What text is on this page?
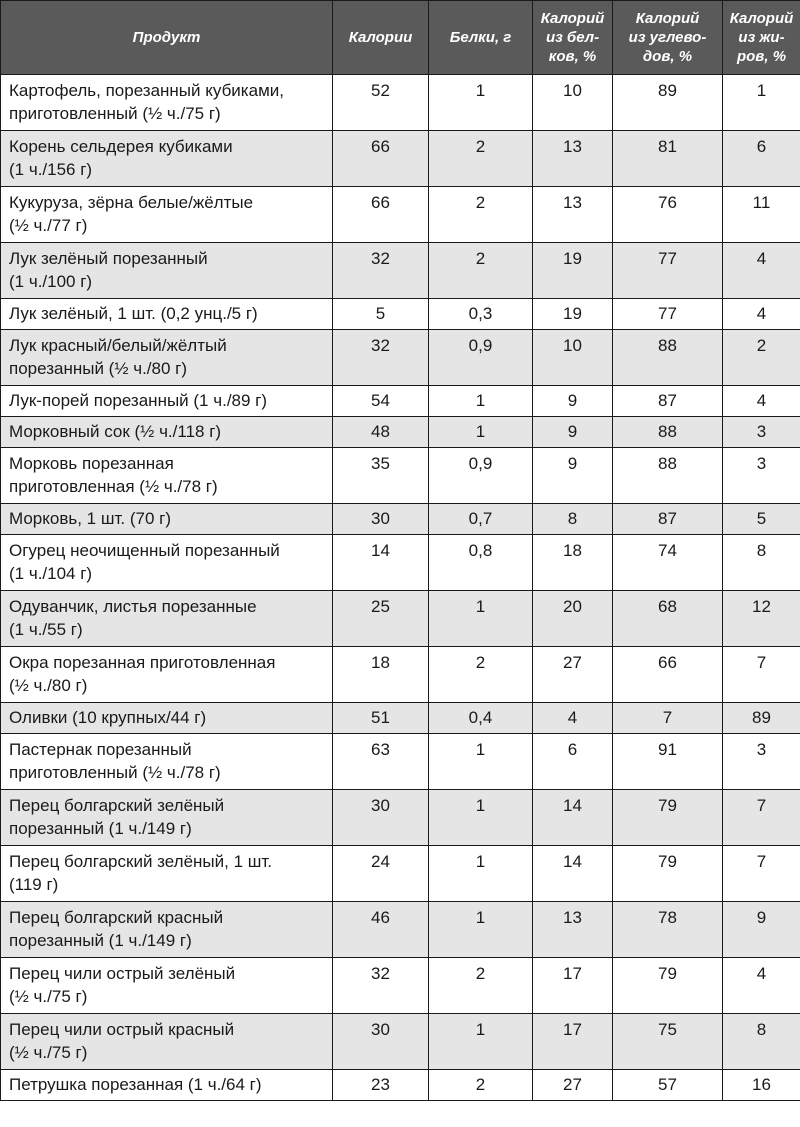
Продукт	Калории	Белки, г	Калорий
из бел-
ков, %	Калорий
из углево-
дов, %	Калорий
из жи-
ров, %
Картофель, порезанный кубиками,
приготовленный (½ ч./75 г)	52	1	10	89	1
Корень сельдерея кубиками
(1 ч./156 г)	66	2	13	81	6
Кукуруза, зёрна белые/жёлтые
(½ ч./77 г)	66	2	13	76	11
Лук зелёный порезанный
(1 ч./100 г)	32	2	19	77	4
Лук зелёный, 1 шт. (0,2 унц./5 г)	5	0,3	19	77	4
Лук красный/белый/жёлтый
порезанный (½ ч./80 г)	32	0,9	10	88	2
Лук-порей порезанный (1 ч./89 г)	54	1	9	87	4
Морковный сок (½ ч./118 г)	48	1	9	88	3
Морковь порезанная
приготовленная (½ ч./78 г)	35	0,9	9	88	3
Морковь, 1 шт. (70 г)	30	0,7	8	87	5
Огурец неочищенный порезанный
(1 ч./104 г)	14	0,8	18	74	8
Одуванчик, листья порезанные
(1 ч./55 г)	25	1	20	68	12
Окра порезанная приготовленная
(½ ч./80 г)	18	2	27	66	7
Оливки (10 крупных/44 г)	51	0,4	4	7	89
Пастернак порезанный
приготовленный (½ ч./78 г)	63	1	6	91	3
Перец болгарский зелёный
порезанный (1 ч./149 г)	30	1	14	79	7
Перец болгарский зелёный, 1 шт.
(119 г)	24	1	14	79	7
Перец болгарский красный
порезанный (1 ч./149 г)	46	1	13	78	9
Перец чили острый зелёный
(½ ч./75 г)	32	2	17	79	4
Перец чили острый красный
(½ ч./75 г)	30	1	17	75	8
Петрушка порезанная (1 ч./64 г)	23	2	27	57	16
